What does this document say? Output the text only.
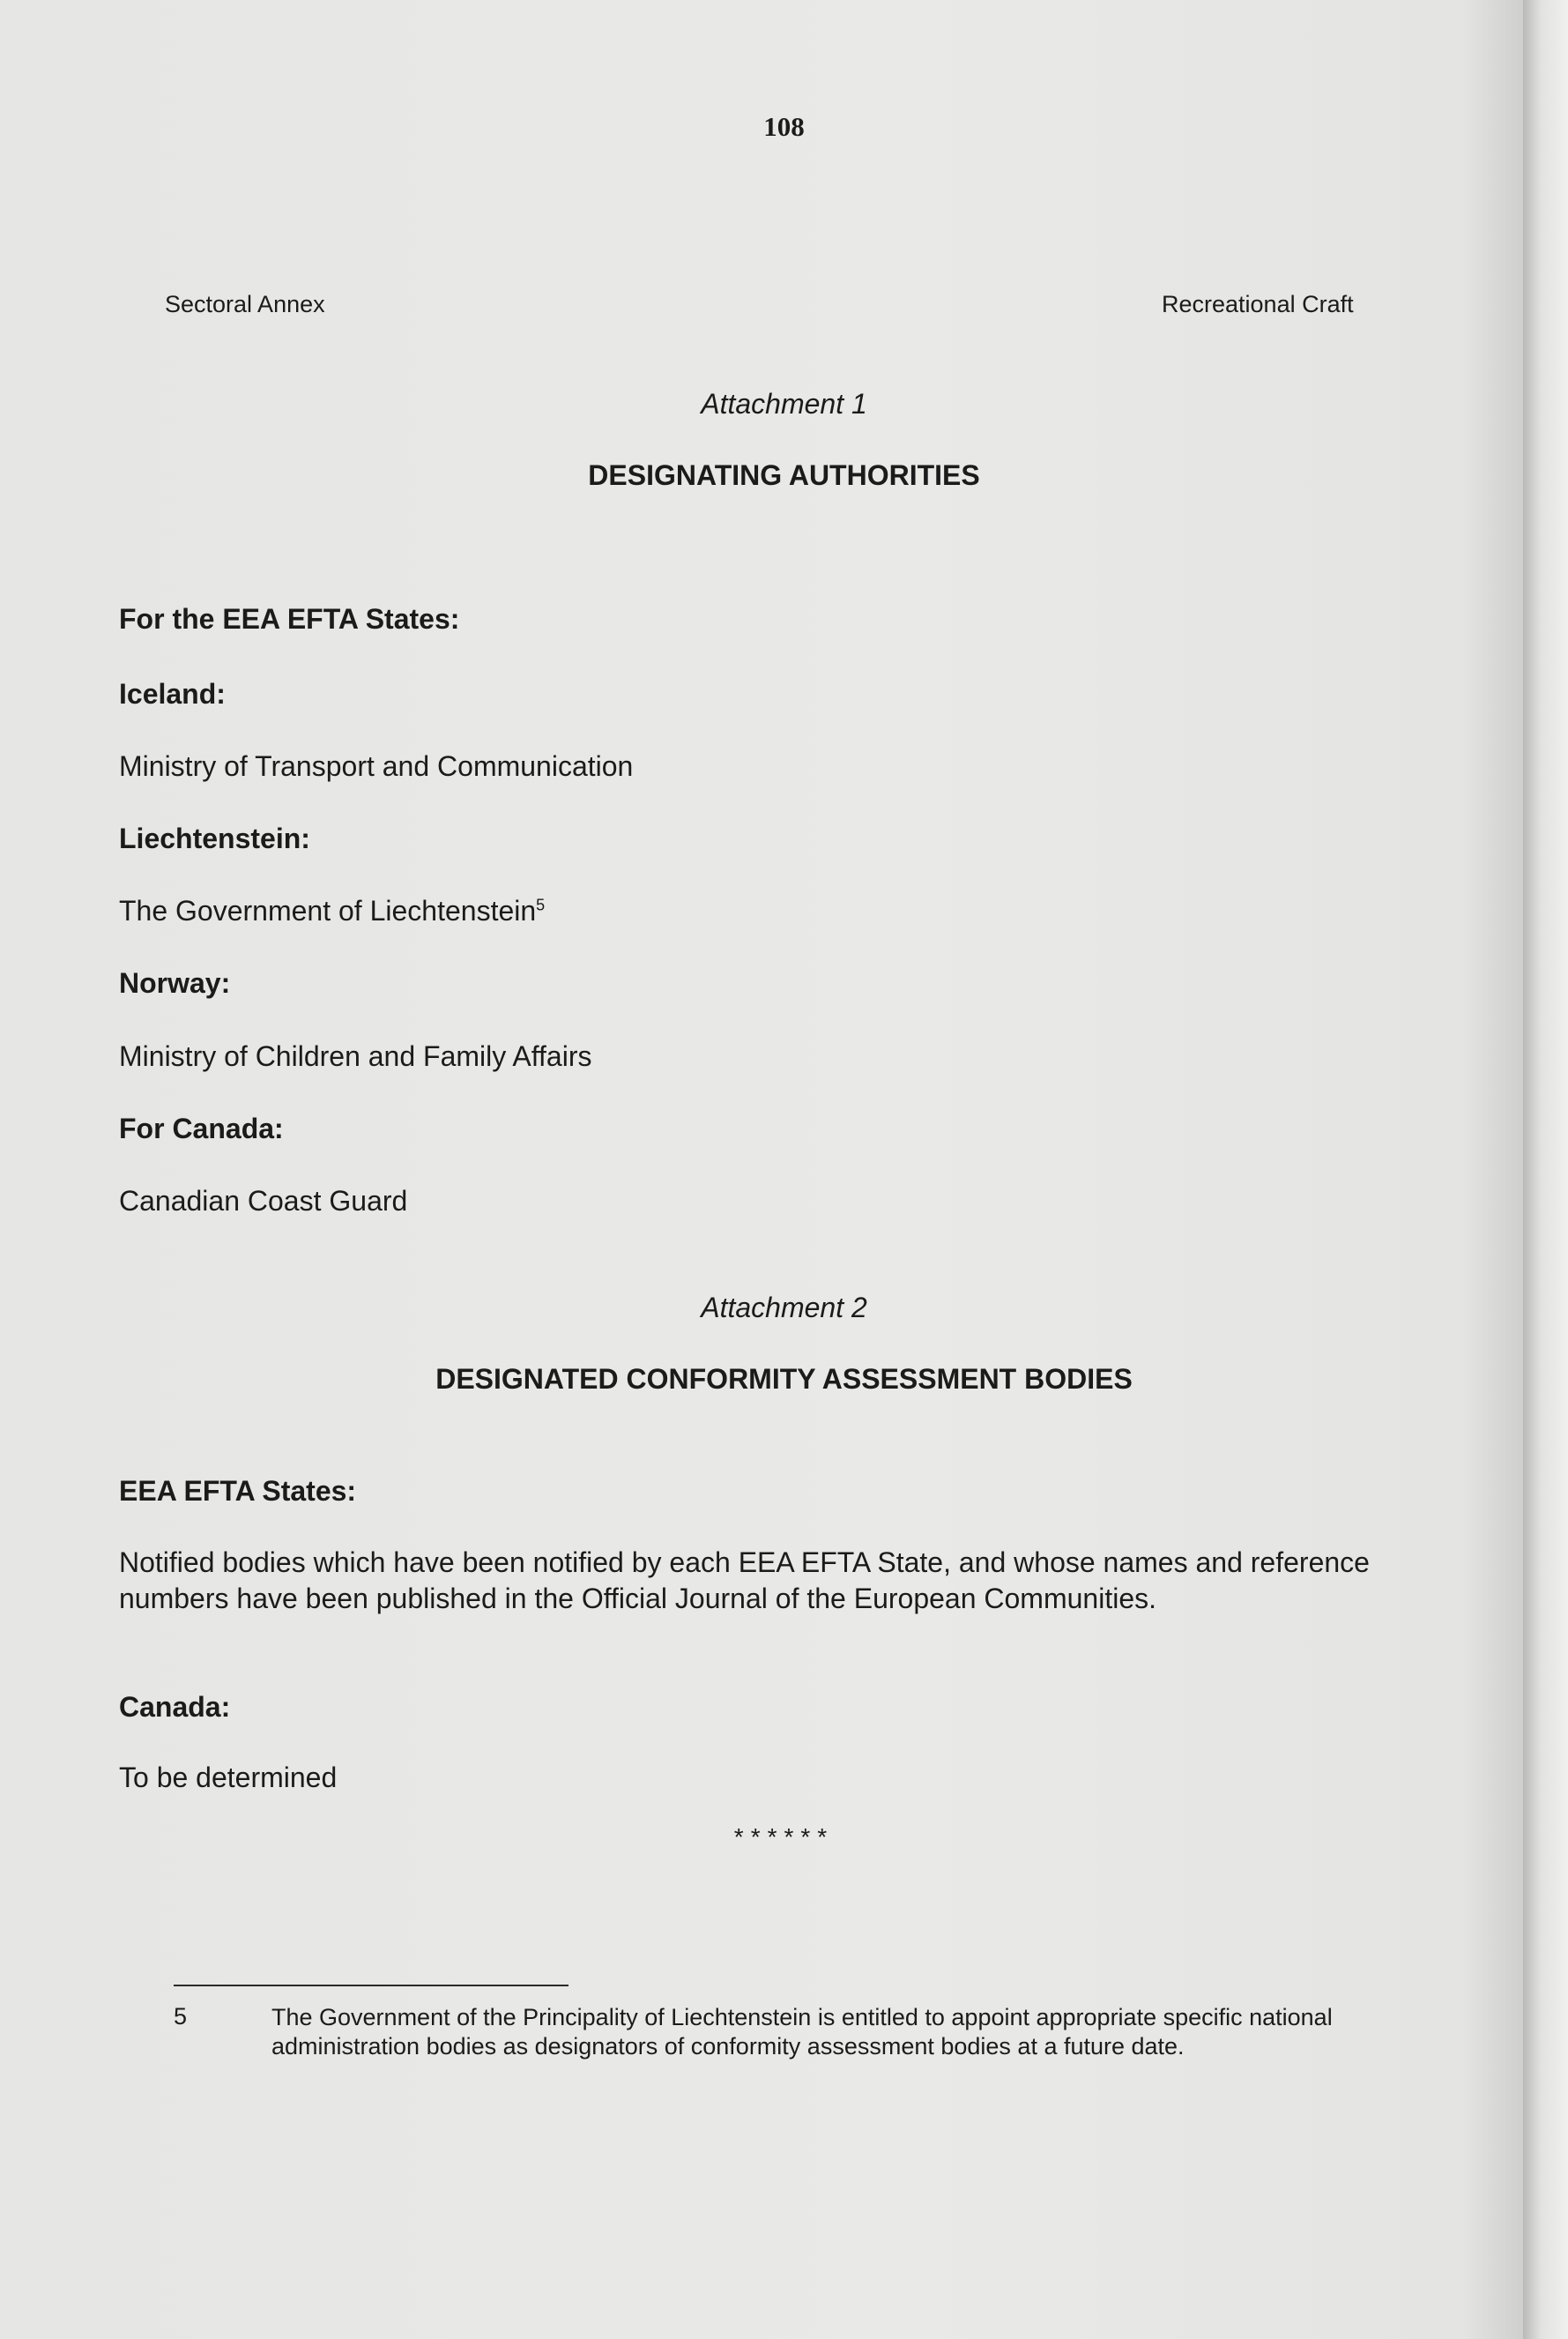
108
Sectoral Annex	Recreational Craft
Attachment 1
DESIGNATING AUTHORITIES
For the EEA EFTA States:
Iceland:
Ministry of Transport and Communication
Liechtenstein:
The Government of Liechtenstein$^5$
Norway:
Ministry of Children and Family Affairs
For Canada:
Canadian Coast Guard
Attachment 2
DESIGNATED CONFORMITY ASSESSMENT BODIES
EEA EFTA States:
Notified bodies which have been notified by each EEA EFTA State, and whose names and reference numbers have been published in the Official Journal of the European Communities.
Canada:
To be determined
******
5	The Government of the Principality of Liechtenstein is entitled to appoint appropriate specific national administration bodies as designators of conformity assessment bodies at a future date.
